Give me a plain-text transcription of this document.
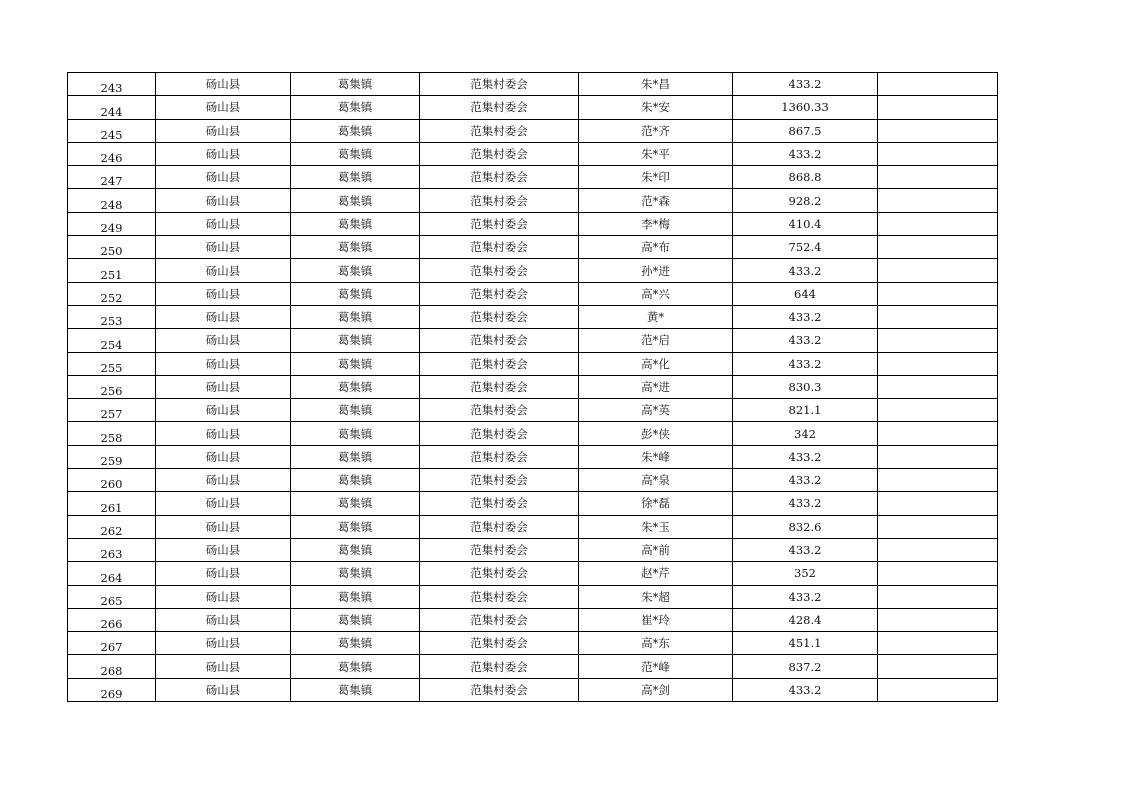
243	砀山县	葛集镇	范集村委会	朱*昌	433.2	
244	砀山县	葛集镇	范集村委会	朱*安	1360.33	
245	砀山县	葛集镇	范集村委会	范*齐	867.5	
246	砀山县	葛集镇	范集村委会	朱*平	433.2	
247	砀山县	葛集镇	范集村委会	朱*印	868.8	
248	砀山县	葛集镇	范集村委会	范*森	928.2	
249	砀山县	葛集镇	范集村委会	李*梅	410.4	
250	砀山县	葛集镇	范集村委会	高*布	752.4	
251	砀山县	葛集镇	范集村委会	孙*进	433.2	
252	砀山县	葛集镇	范集村委会	高*兴	644	
253	砀山县	葛集镇	范集村委会	黄*	433.2	
254	砀山县	葛集镇	范集村委会	范*启	433.2	
255	砀山县	葛集镇	范集村委会	高*化	433.2	
256	砀山县	葛集镇	范集村委会	高*进	830.3	
257	砀山县	葛集镇	范集村委会	高*英	821.1	
258	砀山县	葛集镇	范集村委会	彭*侠	342	
259	砀山县	葛集镇	范集村委会	朱*峰	433.2	
260	砀山县	葛集镇	范集村委会	高*泉	433.2	
261	砀山县	葛集镇	范集村委会	徐*磊	433.2	
262	砀山县	葛集镇	范集村委会	朱*玉	832.6	
263	砀山县	葛集镇	范集村委会	高*前	433.2	
264	砀山县	葛集镇	范集村委会	赵*芹	352	
265	砀山县	葛集镇	范集村委会	朱*超	433.2	
266	砀山县	葛集镇	范集村委会	崔*玲	428.4	
267	砀山县	葛集镇	范集村委会	高*东	451.1	
268	砀山县	葛集镇	范集村委会	范*峰	837.2	
269	砀山县	葛集镇	范集村委会	高*剑	433.2	
